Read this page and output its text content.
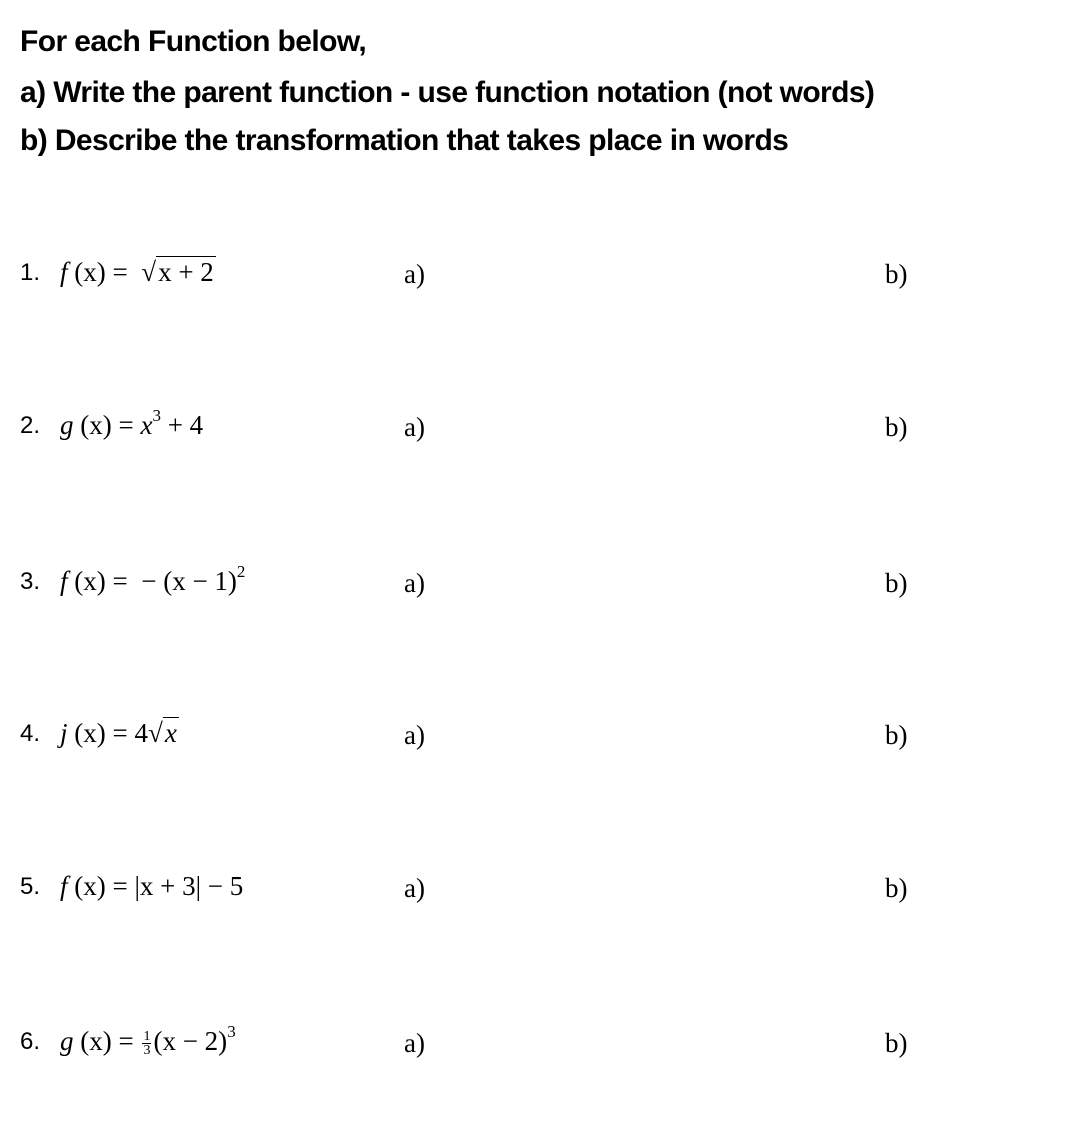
For each Function below,
a) Write the parent function - use function notation (not words)
b) Describe the transformation that takes place in words
1. f (x) = √x + 2	a)	b)
2. g $(x) = x^3 + 4$	a)	b)
3. f (x) = − $(x - 1)^2$	a)	b)
4. j (x) = 4√x	a)	b)
5. f (x) = |x + 3| − 5	a)	b)
6. g $(x) = \frac{1}{3} (x - 2)^3$	a)	b)
